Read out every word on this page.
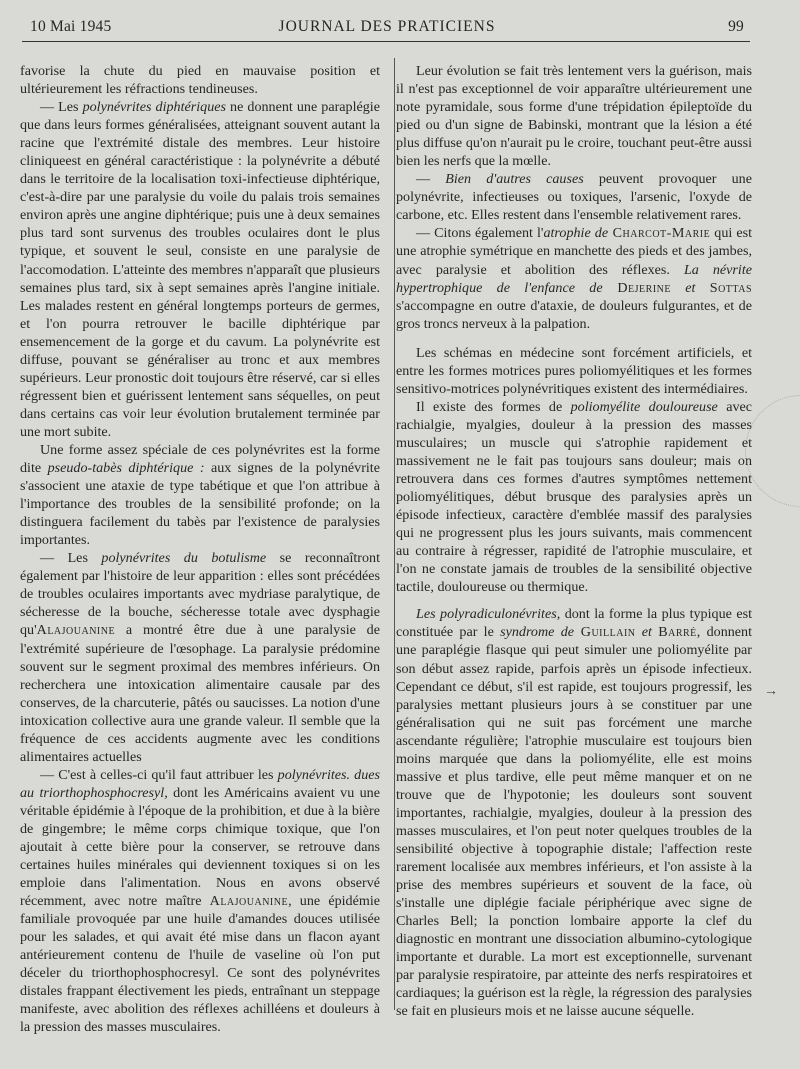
10 Mai 1945	JOURNAL DES PRATICIENS	99

favorise la chute du pied en mauvaise position et ultérieurement les réfractions tendineuses.

— Les polynévrites diphtériques ne donnent une paraplégie que dans leurs formes généralisées, atteignant souvent autant la racine que l'extrémité distale des membres. Leur histoire cliniqueest en général caractéristique : la polynévrite a débuté dans le territoire de la localisation toxi-infectieuse diphtérique, c'est-à-dire par une paralysie du voile du palais trois semaines environ après une angine diphtérique; puis une à deux semaines plus tard sont survenus des troubles oculaires dont le plus typique, et souvent le seul, consiste en une paralysie de l'accomodation. L'atteinte des membres n'apparaît que plusieurs semaines plus tard, six à sept semaines après l'angine initiale. Les malades restent en général longtemps porteurs de germes, et l'on pourra retrouver le bacille diphtérique par ensemencement de la gorge et du cavum. La polynévrite est diffuse, pouvant se généraliser au tronc et aux membres supérieurs. Leur pronostic doit toujours être réservé, car si elles régressent bien et guérissent lentement sans séquelles, on peut dans certains cas voir leur évolution brutalement terminée par une mort subite.

Une forme assez spéciale de ces polynévrites est la forme dite pseudo-tabès diphtérique : aux signes de la polynévrite s'associent une ataxie de type tabétique et que l'on attribue à l'importance des troubles de la sensibilité profonde; on la distinguera facilement du tabès par l'existence de paralysies importantes.

— Les polynévrites du botulisme se reconnaîtront également par l'histoire de leur apparition : elles sont précédées de troubles oculaires importants avec mydriase paralytique, de sécheresse de la bouche, sécheresse totale avec dysphagie qu'Alajouanine a montré être due à une paralysie de l'extrémité supérieure de l'œsophage. La paralysie prédomine souvent sur le segment proximal des membres inférieurs. On recherchera une intoxication alimentaire causale par des conserves, de la charcuterie, pâtés ou saucisses. La notion d'une intoxication collective aura une grande valeur. Il semble que la fréquence de ces accidents augmente avec les conditions alimentaires actuelles

— C'est à celles-ci qu'il faut attribuer les polynévrites. dues au triorthophosphocresyl, dont les Américains avaient vu une véritable épidémie à l'époque de la prohibition, et due à la bière de gingembre; le même corps chimique toxique, que l'on ajoutait à cette bière pour la conserver, se retrouve dans certaines huiles minérales qui deviennent toxiques si on les emploie dans l'alimentation. Nous en avons observé récemment, avec notre maître Alajouanine, une épidémie familiale provoquée par une huile d'amandes douces utilisée pour les salades, et qui avait été mise dans un flacon ayant antérieurement contenu de l'huile de vaseline où l'on put déceler du triorthophosphocresyl. Ce sont des polynévrites distales frappant électivement les pieds, entraînant un steppage manifeste, avec abolition des réflexes achilléens et douleurs à la pression des masses musculaires.

Leur évolution se fait très lentement vers la guérison, mais il n'est pas exceptionnel de voir apparaître ultérieurement une note pyramidale, sous forme d'une trépidation épileptoïde du pied ou d'un signe de Babinski, montrant que la lésion a été plus diffuse qu'on n'aurait pu le croire, touchant peut-être aussi bien les nerfs que la mœlle.

— Bien d'autres causes peuvent provoquer une polynévrite, infectieuses ou toxiques, l'arsenic, l'oxyde de carbone, etc. Elles restent dans l'ensemble relativement rares.

— Citons également l'atrophie de Charcot-Marie qui est une atrophie symétrique en manchette des pieds et des jambes, avec paralysie et abolition des réflexes. La névrite hypertrophique de l'enfance de Dejerine et Sottas s'accompagne en outre d'ataxie, de douleurs fulgurantes, et de gros troncs nerveux à la palpation.

Les schémas en médecine sont forcément artificiels, et entre les formes motrices pures poliomyélitiques et les formes sensitivo-motrices polynévritiques existent des intermédiaires.

Il existe des formes de poliomyélite douloureuse avec rachialgie, myalgies, douleur à la pression des masses musculaires; un muscle qui s'atrophie rapidement et massivement ne le fait pas toujours sans douleur; mais on retrouvera dans ces formes d'autres symptômes nettement poliomyélitiques, début brusque des paralysies après un épisode infectieux, caractère d'emblée massif des paralysies qui ne progressent plus les jours suivants, mais commencent au contraire à régresser, rapidité de l'atrophie musculaire, et l'on ne constate jamais de troubles de la sensibilité objective tactile, douloureuse ou thermique.

Les polyradiculonévrites, dont la forme la plus typique est constituée par le syndrome de Guillain et Barré, donnent une paraplégie flasque qui peut simuler une poliomyélite par son début assez rapide, parfois après un épisode infectieux. Cependant ce début, s'il est rapide, est toujours progressif, les paralysies mettant plusieurs jours à se constituer par une généralisation qui ne suit pas forcément une marche ascendante régulière; l'atrophie musculaire est toujours bien moins marquée que dans la poliomyélite, elle est moins massive et plus tardive, elle peut même manquer et on ne trouve que de l'hypotonie; les douleurs sont souvent importantes, rachialgie, myalgies, douleur à la pression des masses musculaires, et l'on peut noter quelques troubles de la sensibilité objective à topographie distale; l'affection reste rarement localisée aux membres inférieurs, et l'on assiste à la prise des membres supérieurs et souvent de la face, où s'installe une diplégie faciale périphérique avec signe de Charles Bell; la ponction lombaire apporte la clef du diagnostic en montrant une dissociation albumino-cytologique importante et durable. La mort est exceptionnelle, survenant par paralysie respiratoire, par atteinte des nerfs respiratoires et cardiaques; la guérison est la règle, la régression des paralysies se fait en plusieurs mois et ne laisse aucune séquelle.

→
